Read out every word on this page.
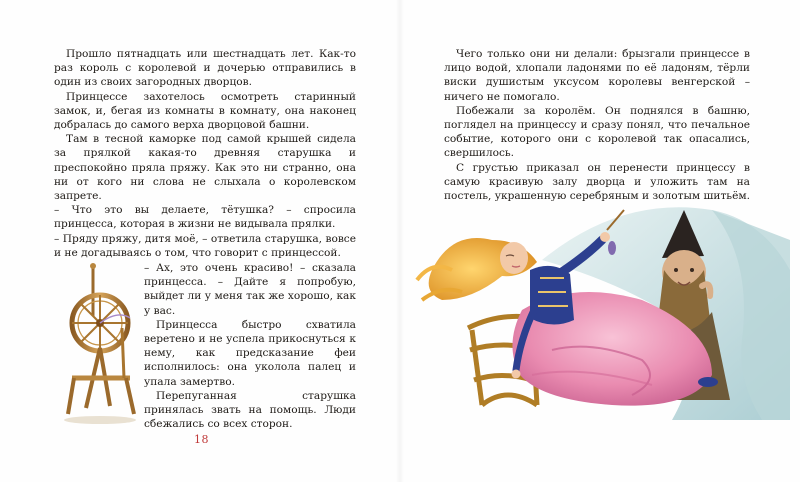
Прошло пятнадцать или шестнадцать лет. Как-то раз король с королевой и дочерью отправились в один из своих загородных дворцов.

Принцессе захотелось осмотреть старинный замок, и, бегая из комнаты в комнату, она наконец добралась до самого верха дворцовой башни.

Там в тесной каморке под самой крышей сидела за прялкой какая-то древняя старушка и преспокойно пряла пряжу. Как это ни странно, она ни от кого ни слова не слыхала о королевском запрете.

– Что это вы делаете, тётушка? – спросила принцесса, которая в жизни не видывала прялки.

– Пряду пряжу, дитя моё, – ответила старушка, вовсе и не догадываясь о том, что говорит с принцессой.

– Ах, это очень красиво! – сказала принцесса. – Дайте я попробую, выйдет ли у меня так же хорошо, как у вас.

Принцесса быстро схватила веретено и не успела прикоснуться к нему, как предсказание феи исполнилось: она уколола палец и упала замертво.

Перепуганная старушка принялась звать на помощь. Люди сбежались со всех сторон.

18

Чего только они ни делали: брызгали принцессе в лицо водой, хлопали ладонями по её ладоням, тёрли виски душистым уксусом королевы венгерской – ничего не помогало.

Побежали за королём. Он поднялся в башню, поглядел на принцессу и сразу понял, что печальное событие, которого они с королевой так опасались, свершилось.

С грустью приказал он перенести принцессу в самую красивую залу дворца и уложить там на постель, украшенную серебряным и золотым шитьём.
